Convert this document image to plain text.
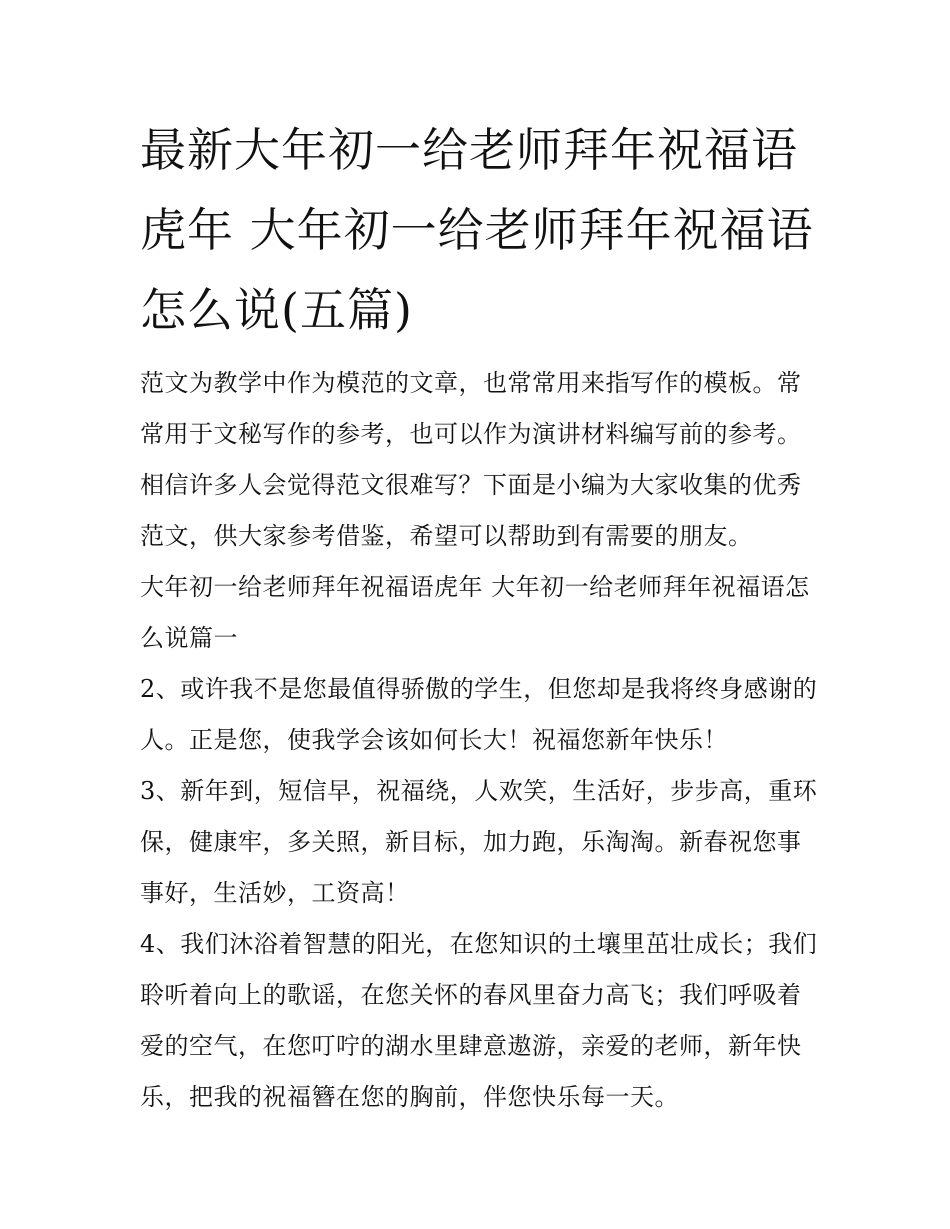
最新大年初一给老师拜年祝福语虎年 大年初一给老师拜年祝福语怎么说(五篇)

范文为教学中作为模范的文章，也常常用来指写作的模板。常常用于文秘写作的参考，也可以作为演讲材料编写前的参考。相信许多人会觉得范文很难写？下面是小编为大家收集的优秀范文，供大家参考借鉴，希望可以帮助到有需要的朋友。

大年初一给老师拜年祝福语虎年 大年初一给老师拜年祝福语怎么说篇一

2、或许我不是您最值得骄傲的学生，但您却是我将终身感谢的人。正是您，使我学会该如何长大！祝福您新年快乐！

3、新年到，短信早，祝福绕，人欢笑，生活好，步步高，重环保，健康牢，多关照，新目标，加力跑，乐淘淘。新春祝您事事好，生活妙，工资高！

4、我们沐浴着智慧的阳光，在您知识的土壤里茁壮成长；我们聆听着向上的歌谣，在您关怀的春风里奋力高飞；我们呼吸着爱的空气，在您叮咛的湖水里肆意遨游，亲爱的老师，新年快乐，把我的祝福簪在您的胸前，伴您快乐每一天。
